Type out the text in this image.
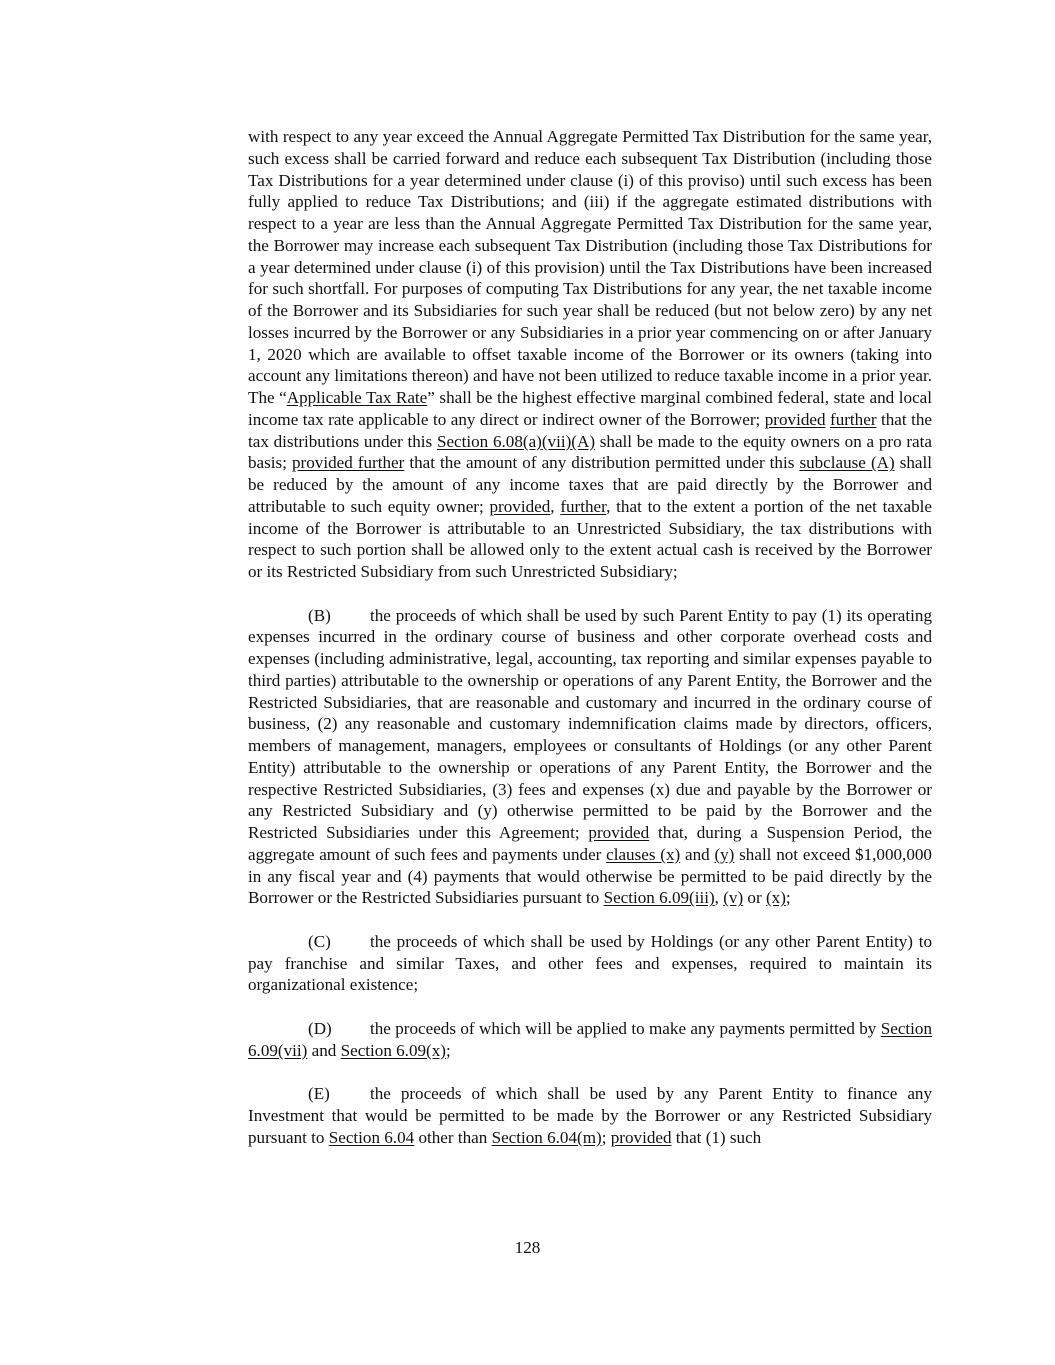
with respect to any year exceed the Annual Aggregate Permitted Tax Distribution for the same year, such excess shall be carried forward and reduce each subsequent Tax Distribution (including those Tax Distributions for a year determined under clause (i) of this proviso) until such excess has been fully applied to reduce Tax Distributions; and (iii) if the aggregate estimated distributions with respect to a year are less than the Annual Aggregate Permitted Tax Distribution for the same year, the Borrower may increase each subsequent Tax Distribution (including those Tax Distributions for a year determined under clause (i) of this provision) until the Tax Distributions have been increased for such shortfall. For purposes of computing Tax Distributions for any year, the net taxable income of the Borrower and its Subsidiaries for such year shall be reduced (but not below zero) by any net losses incurred by the Borrower or any Subsidiaries in a prior year commencing on or after January 1, 2020 which are available to offset taxable income of the Borrower or its owners (taking into account any limitations thereon) and have not been utilized to reduce taxable income in a prior year. The “Applicable Tax Rate” shall be the highest effective marginal combined federal, state and local income tax rate applicable to any direct or indirect owner of the Borrower; provided further that the tax distributions under this Section 6.08(a)(vii)(A) shall be made to the equity owners on a pro rata basis; provided further that the amount of any distribution permitted under this subclause (A) shall be reduced by the amount of any income taxes that are paid directly by the Borrower and attributable to such equity owner; provided, further, that to the extent a portion of the net taxable income of the Borrower is attributable to an Unrestricted Subsidiary, the tax distributions with respect to such portion shall be allowed only to the extent actual cash is received by the Borrower or its Restricted Subsidiary from such Unrestricted Subsidiary;

(B) the proceeds of which shall be used by such Parent Entity to pay (1) its operating expenses incurred in the ordinary course of business and other corporate overhead costs and expenses (including administrative, legal, accounting, tax reporting and similar expenses payable to third parties) attributable to the ownership or operations of any Parent Entity, the Borrower and the Restricted Subsidiaries, that are reasonable and customary and incurred in the ordinary course of business, (2) any reasonable and customary indemnification claims made by directors, officers, members of management, managers, employees or consultants of Holdings (or any other Parent Entity) attributable to the ownership or operations of any Parent Entity, the Borrower and the respective Restricted Subsidiaries, (3) fees and expenses (x) due and payable by the Borrower or any Restricted Subsidiary and (y) otherwise permitted to be paid by the Borrower and the Restricted Subsidiaries under this Agreement; provided that, during a Suspension Period, the aggregate amount of such fees and payments under clauses (x) and (y) shall not exceed $1,000,000 in any fiscal year and (4) payments that would otherwise be permitted to be paid directly by the Borrower or the Restricted Subsidiaries pursuant to Section 6.09(iii), (v) or (x);

(C) the proceeds of which shall be used by Holdings (or any other Parent Entity) to pay franchise and similar Taxes, and other fees and expenses, required to maintain its organizational existence;

(D) the proceeds of which will be applied to make any payments permitted by Section 6.09(vii) and Section 6.09(x);

(E) the proceeds of which shall be used by any Parent Entity to finance any Investment that would be permitted to be made by the Borrower or any Restricted Subsidiary pursuant to Section 6.04 other than Section 6.04(m); provided that (1) such

128
